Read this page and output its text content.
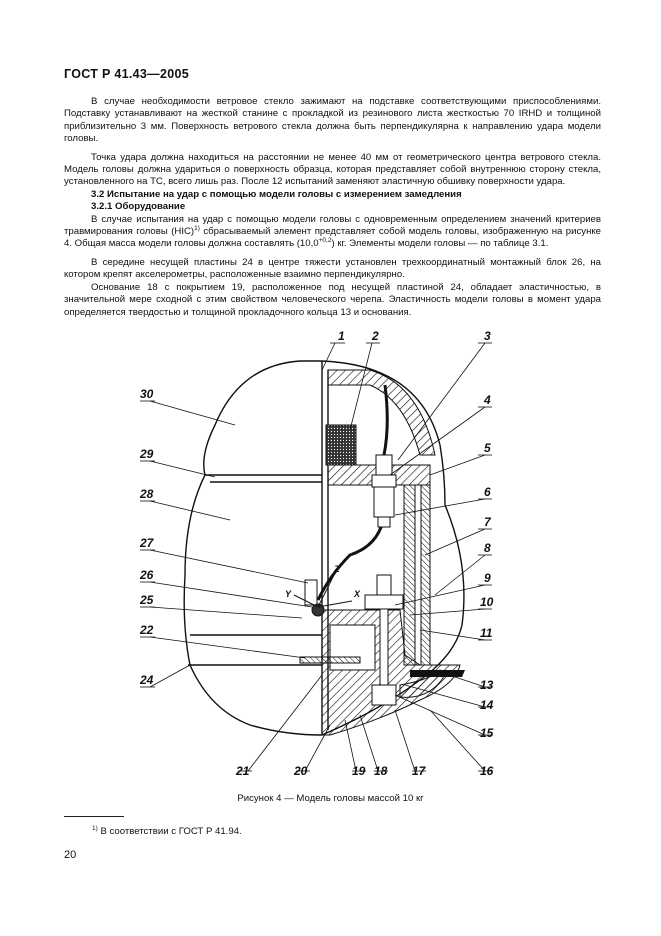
ГОСТ Р 41.43—2005

В случае необходимости ветровое стекло зажимают на подставке соответствующими приспособлениями. Подставку устанавливают на жесткой станине с прокладкой из резинового листа жесткостью 70 IRHD и толщиной приблизительно 3 мм. Поверхность ветрового стекла должна быть перпендикулярна к направлению удара модели головы.

Точка удара должна находиться на расстоянии не менее 40 мм от геометрического центра ветрового стекла. Модель головы должна удариться о поверхность образца, которая представляет собой внутреннюю сторону стекла, установленного на ТС, всего лишь раз. После 12 испытаний заменяют эластичную обшивку поверхности удара.

3.2 Испытание на удар с помощью модели головы с измерением замедления

3.2.1 Оборудование

В случае испытания на удар с помощью модели головы с одновременным определением значений критериев травмирования головы (HIC)$^{1)}$ сбрасываемый элемент представляет собой модель головы, изображенную на рисунке 4. Общая масса модели головы должна составлять $(10,0^{+0,2})$ кг. Элементы модели головы — по таблице 3.1.

В середине несущей пластины 24 в центре тяжести установлен трехкоординатный монтажный блок 26, на котором крепят акселерометры, расположенные взаимно перпендикулярно.

Основание 18 с покрытием 19, расположенное под несущей пластиной 24, обладает эластичностью, в значительной мере сходной с этим свойством человеческого черепа. Эластичность модели головы в момент удара определяется твердостью и толщиной прокладочного кольца 13 и основания.

Z
Y	X
1 2	3
4
5
6
7
8
9
10
11
13
14
15
16
17
18
19
20
21
30
29
28
27
26
25
22
24
Рисунок 4 — Модель головы массой 10 кг
$^{1)}$ В соответствии с ГОСТ Р 41.94.
20
